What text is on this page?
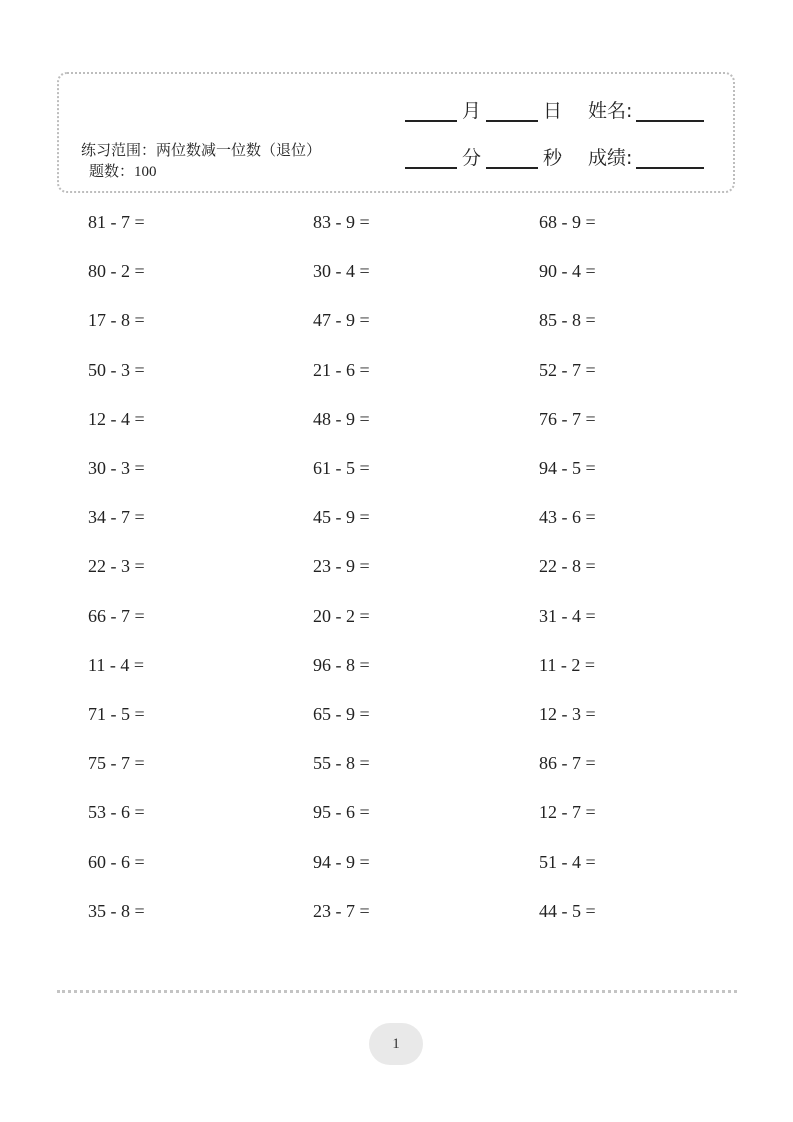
月	日 姓名:
分	秒 成绩:
练习范围：两位数减一位数（退位） 题数：100
81 - 7 =
80 - 2 =
17 - 8 =
50 - 3 =
12 - 4 =
30 - 3 =
34 - 7 =
22 - 3 =
66 - 7 =
11 - 4 =
71 - 5 =
75 - 7 =
53 - 6 =
60 - 6 =
35 - 8 =
83 - 9 =
30 - 4 =
47 - 9 =
21 - 6 =
48 - 9 =
61 - 5 =
45 - 9 =
23 - 9 =
20 - 2 =
96 - 8 =
65 - 9 =
55 - 8 =
95 - 6 =
94 - 9 =
23 - 7 =
68 - 9 =
90 - 4 =
85 - 8 =
52 - 7 =
76 - 7 =
94 - 5 =
43 - 6 =
22 - 8 =
31 - 4 =
11 - 2 =
12 - 3 =
86 - 7 =
12 - 7 =
51 - 4 =
44 - 5 =
1
